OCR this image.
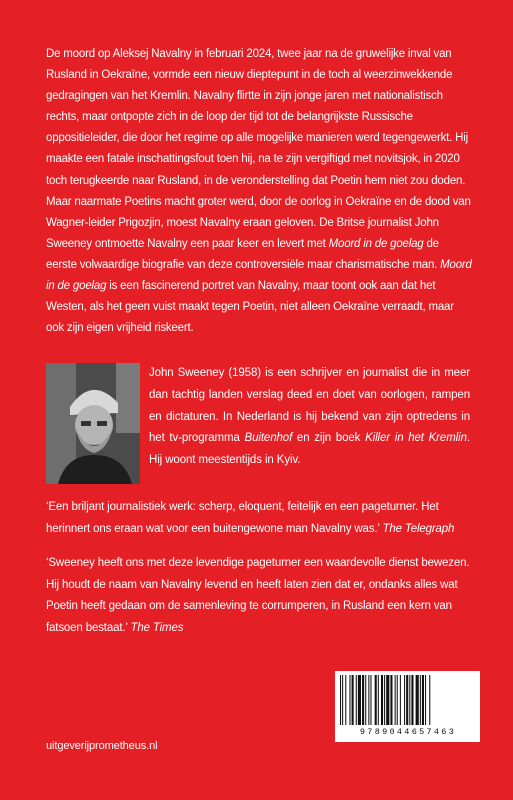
De moord op Aleksej Navalny in februari 2024, twee jaar na de gruwelijke inval van Rusland in Oekraïne, vormde een nieuw dieptepunt in de toch al weerzinwekkende gedragingen van het Kremlin. Navalny flirtte in zijn jonge jaren met nationalistisch rechts, maar ontpopte zich in de loop der tijd tot de belangrijkste Russische oppositieleider, die door het regime op alle mogelijke manieren werd tegengewerkt. Hij maakte een fatale inschattingsfout toen hij, na te zijn vergiftigd met novitsjok, in 2020 toch terugkeerde naar Rusland, in de veronderstelling dat Poetin hem niet zou doden. Maar naarmate Poetins macht groter werd, door de oorlog in Oekraïne en de dood van Wagner-leider Prigozjin, moest Navalny eraan geloven. De Britse journalist John Sweeney ontmoette Navalny een paar keer en levert met Moord in de goelag de eerste volwaardige biografie van deze controversiële maar charismatische man. Moord in de goelag is een fascinerend portret van Navalny, maar toont ook aan dat het Westen, als het geen vuist maakt tegen Poetin, niet alleen Oekraïne verraadt, maar ook zijn eigen vrijheid riskeert.
John Sweeney (1958) is een schrijver en journalist die in meer dan tachtig landen verslag deed en doet van oorlogen, rampen en dictaturen. In Nederland is hij bekend van zijn optredens in het tv-programma Buitenhof en zijn boek Killer in het Kremlin. Hij woont meestentijds in Kyiv.
‘Een briljant journalistiek werk: scherp, eloquent, feitelijk en een pageturner. Het herinnert ons eraan wat voor een buitengewone man Navalny was.’ The Telegraph
‘Sweeney heeft ons met deze levendige pageturner een waardevolle dienst bewezen. Hij houdt de naam van Navalny levend en heeft laten zien dat er, ondanks alles wat Poetin heeft gedaan om de samenleving te corrumperen, in Rusland een kern van fatsoen bestaat.’ The Times
uitgeverijprometheus.nl
9789044657463
